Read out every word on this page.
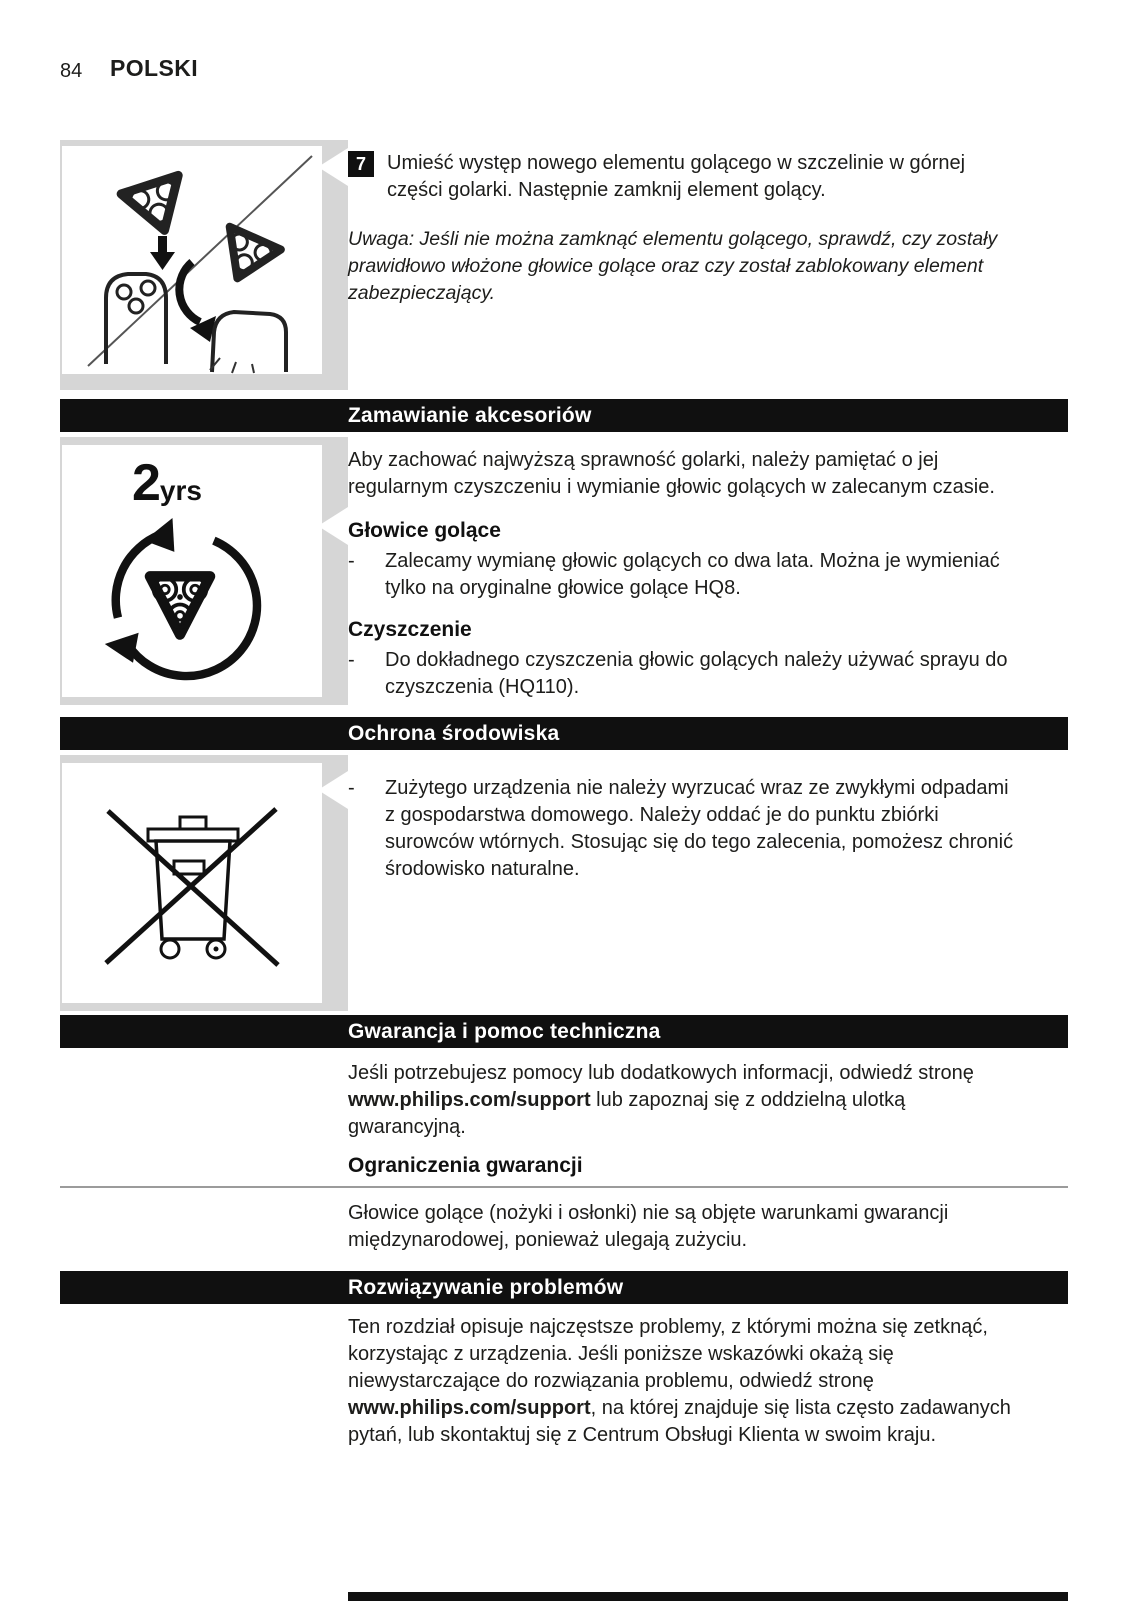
84 POLSKI
7	Umieść występ nowego elementu golącego w szczelinie w górnej części golarki. Następnie zamknij element golący.

Uwaga: Jeśli nie można zamknąć elementu golącego, sprawdź, czy zostały prawidłowo włożone głowice golące oraz czy został zablokowany element zabezpieczający.

Zamawianie akcesoriów
2yrs

Aby zachować najwyższą sprawność golarki, należy pamiętać o jej regularnym czyszczeniu i wymianie głowic golących w zalecanym czasie.

Głowice golące
-	Zalecamy wymianę głowic golących co dwa lata. Można je wymieniać tylko na oryginalne głowice golące HQ8.
Czyszczenie
-	Do dokładnego czyszczenia głowic golących należy używać sprayu do czyszczenia (HQ110).
Ochrona środowiska
-	Zużytego urządzenia nie należy wyrzucać wraz ze zwykłymi odpadami z gospodarstwa domowego. Należy oddać je do punktu zbiórki surowców wtórnych. Stosując się do tego zalecenia, pomożesz chronić środowisko naturalne.
Gwarancja i pomoc techniczna

Jeśli potrzebujesz pomocy lub dodatkowych informacji, odwiedź stronę www.philips.com/support lub zapoznaj się z oddzielną ulotką gwarancyjną.

Ograniczenia gwarancji

Głowice golące (nożyki i osłonki) nie są objęte warunkami gwarancji międzynarodowej, ponieważ ulegają zużyciu.

Rozwiązywanie problemów

Ten rozdział opisuje najczęstsze problemy, z którymi można się zetknąć, korzystając z urządzenia. Jeśli poniższe wskazówki okażą się niewystarczające do rozwiązania problemu, odwiedź stronę www.philips.com/support, na której znajduje się lista często zadawanych pytań, lub skontaktuj się z Centrum Obsługi Klienta w swoim kraju.
